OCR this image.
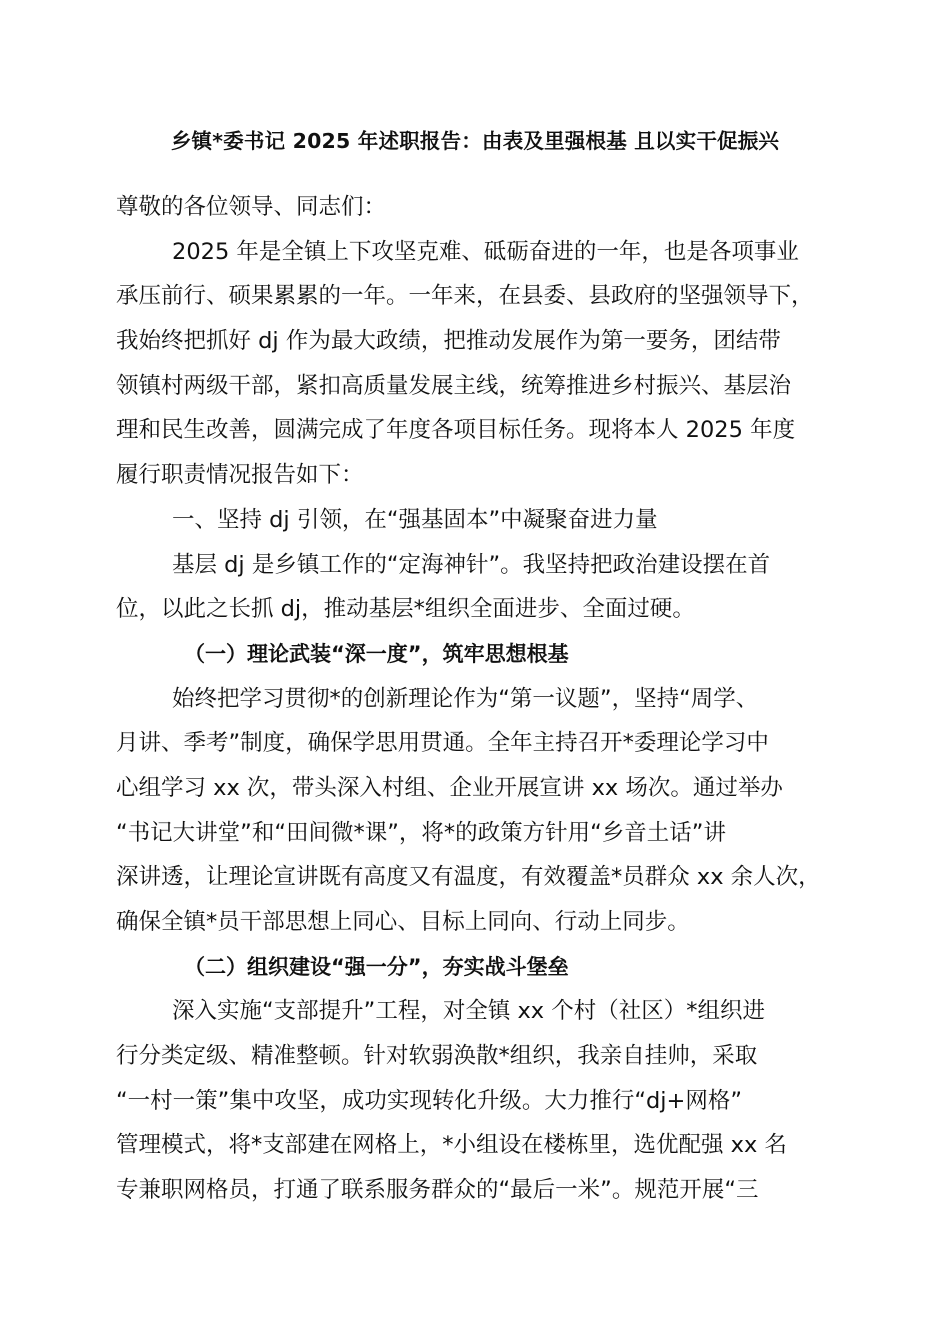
乡镇*委书记 2025 年述职报告：由表及里强根基 且以实干促振兴
尊敬的各位领导、同志们：
2025 年是全镇上下攻坚克难、砥砺奋进的一年，也是各项事业
承压前行、硕果累累的一年。一年来，在县委、县政府的坚强领导下，
我始终把抓好 dj 作为最大政绩，把推动发展作为第一要务，团结带
领镇村两级干部，紧扣高质量发展主线，统筹推进乡村振兴、基层治
理和民生改善，圆满完成了年度各项目标任务。现将本人 2025 年度
履行职责情况报告如下：
一、坚持 dj 引领，在“强基固本”中凝聚奋进力量
基层 dj 是乡镇工作的“定海神针”。我坚持把政治建设摆在首
位，以此之长抓 dj，推动基层*组织全面进步、全面过硬。
（一）理论武装“深一度”，筑牢思想根基
始终把学习贯彻*的创新理论作为“第一议题”，坚持“周学、
月讲、季考”制度，确保学思用贯通。全年主持召开*委理论学习中
心组学习 xx 次，带头深入村组、企业开展宣讲 xx 场次。通过举办
“书记大讲堂”和“田间微*课”，将*的政策方针用“乡音土话”讲
深讲透，让理论宣讲既有高度又有温度，有效覆盖*员群众 xx 余人次，
确保全镇*员干部思想上同心、目标上同向、行动上同步。
（二）组织建设“强一分”，夯实战斗堡垒
深入实施“支部提升”工程，对全镇 xx 个村（社区）*组织进
行分类定级、精准整顿。针对软弱涣散*组织，我亲自挂帅，采取
“一村一策”集中攻坚，成功实现转化升级。大力推行“dj+网格”
管理模式，将*支部建在网格上，*小组设在楼栋里，选优配强 xx 名
专兼职网格员，打通了联系服务群众的“最后一米”。规范开展“三
